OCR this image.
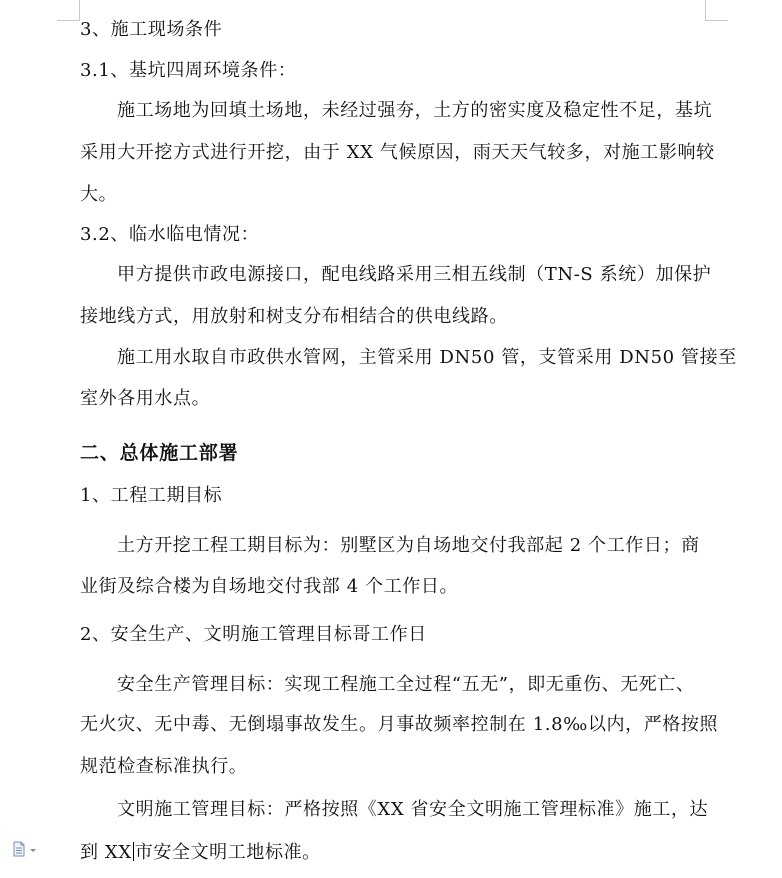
3、施工现场条件
3.1、基坑四周环境条件：
施工场地为回填土场地，未经过强夯，土方的密实度及稳定性不足，基坑
采用大开挖方式进行开挖，由于 XX 气候原因，雨天天气较多，对施工影响较
大。
3.2、临水临电情况：
甲方提供市政电源接口，配电线路采用三相五线制（TN-S 系统）加保护
接地线方式，用放射和树支分布相结合的供电线路。
施工用水取自市政供水管网，主管采用 DN50 管，支管采用 DN50 管接至
室外各用水点。
二、总体施工部署
1、工程工期目标
土方开挖工程工期目标为：别墅区为自场地交付我部起 2 个工作日；商
业街及综合楼为自场地交付我部 4 个工作日。
2、安全生产、文明施工管理目标哥工作日
安全生产管理目标：实现工程施工全过程“五无”，即无重伤、无死亡、
无火灾、无中毒、无倒塌事故发生。月事故频率控制在 1.8‰以内，严格按照
规范检查标准执行。
文明施工管理目标：严格按照《XX 省安全文明施工管理标准》施工，达
到 XX 市安全文明工地标准。
